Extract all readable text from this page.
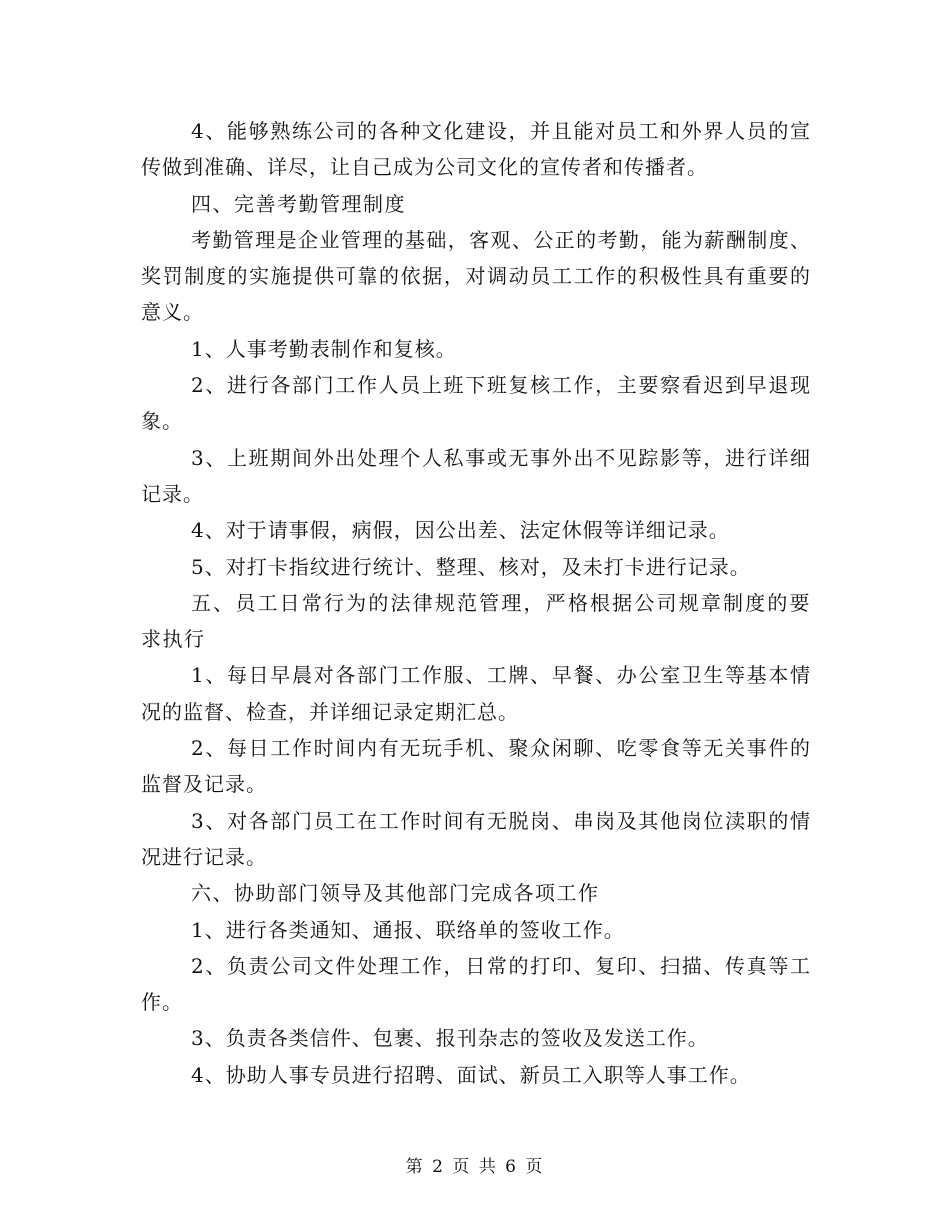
4、能够熟练公司的各种文化建设，并且能对员工和外界人员的宣传做到准确、详尽，让自己成为公司文化的宣传者和传播者。

四、完善考勤管理制度

考勤管理是企业管理的基础，客观、公正的考勤，能为薪酬制度、奖罚制度的实施提供可靠的依据，对调动员工工作的积极性具有重要的意义。

1、人事考勤表制作和复核。

2、进行各部门工作人员上班下班复核工作，主要察看迟到早退现象。

3、上班期间外出处理个人私事或无事外出不见踪影等，进行详细记录。

4、对于请事假，病假，因公出差、法定休假等详细记录。

5、对打卡指纹进行统计、整理、核对，及未打卡进行记录。

五、员工日常行为的法律规范管理，严格根据公司规章制度的要求执行

1、每日早晨对各部门工作服、工牌、早餐、办公室卫生等基本情况的监督、检查，并详细记录定期汇总。

2、每日工作时间内有无玩手机、聚众闲聊、吃零食等无关事件的监督及记录。

3、对各部门员工在工作时间有无脱岗、串岗及其他岗位渎职的情况进行记录。

六、协助部门领导及其他部门完成各项工作

1、进行各类通知、通报、联络单的签收工作。

2、负责公司文件处理工作，日常的打印、复印、扫描、传真等工作。

3、负责各类信件、包裹、报刊杂志的签收及发送工作。

4、协助人事专员进行招聘、面试、新员工入职等人事工作。

第 2 页 共 6 页
